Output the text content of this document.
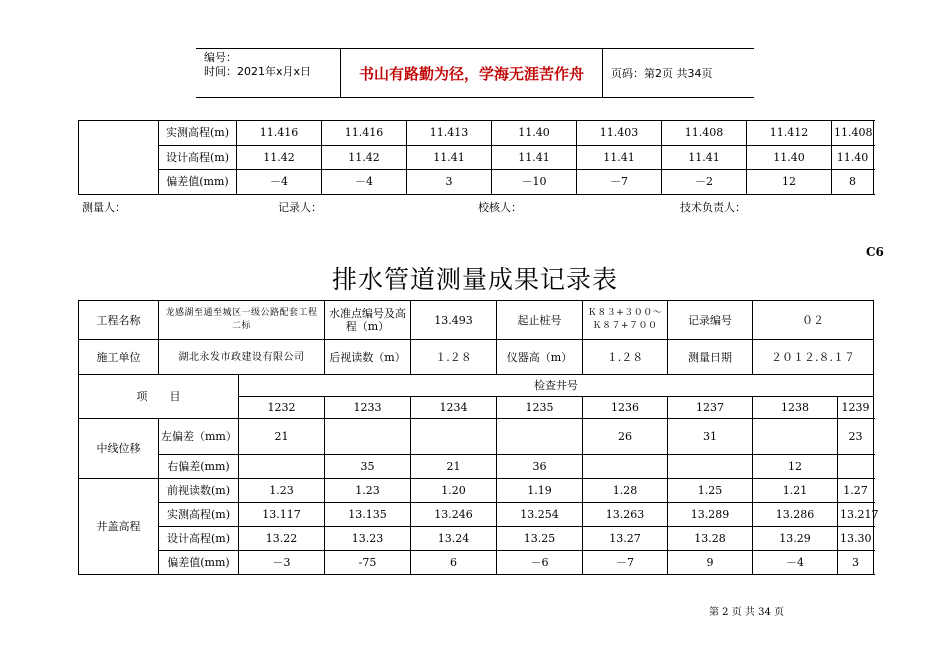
编号：
时间：2021年x月x日	书山有路勤为径，学海无涯苦作舟	页码：第2页 共34页
	实测高程(m)	11.416	11.416	11.413	11.40	11.403	11.408	11.412	11.408
	设计高程(m)	11.42	11.42	11.41	11.41	11.41	11.41	11.40	11.40
	偏差值(mm)	－4	－4	3	－10	－7	－2	12	8
测量人：	记录人：	校核人：	技术负责人：
C6
排水管道测量成果记录表
工程名称	龙感湖至通至城区一级公路配套工程二标		水准点编号及高程（m）	13.493	起止桩号	Ｋ８３+３００～Ｋ８７+７００	记录编号	０２	
施工单位	湖北永发市政建设有限公司		后视读数（m）	１.２８	仪器高（m）	１.２８	测量日期	２０１２.８.１７	
项　　目		检查井号							
		1232	1233	1234	1235	1236	1237	1238	1239
中线位移	左偏差（mm）	21				26	31		23
	右偏差(mm)		35	21	36			12	
井盖高程	前视读数(m)	1.23	1.23	1.20	1.19	1.28	1.25	1.21	1.27
	实测高程(m)	13.117	13.135	13.246	13.254	13.263	13.289	13.286	13.217
	设计高程(m)	13.22	13.23	13.24	13.25	13.27	13.28	13.29	13.30
	偏差值(mm)	－3	-75	6	－6	－7	9	－4	3
第 2 页 共 34 页
